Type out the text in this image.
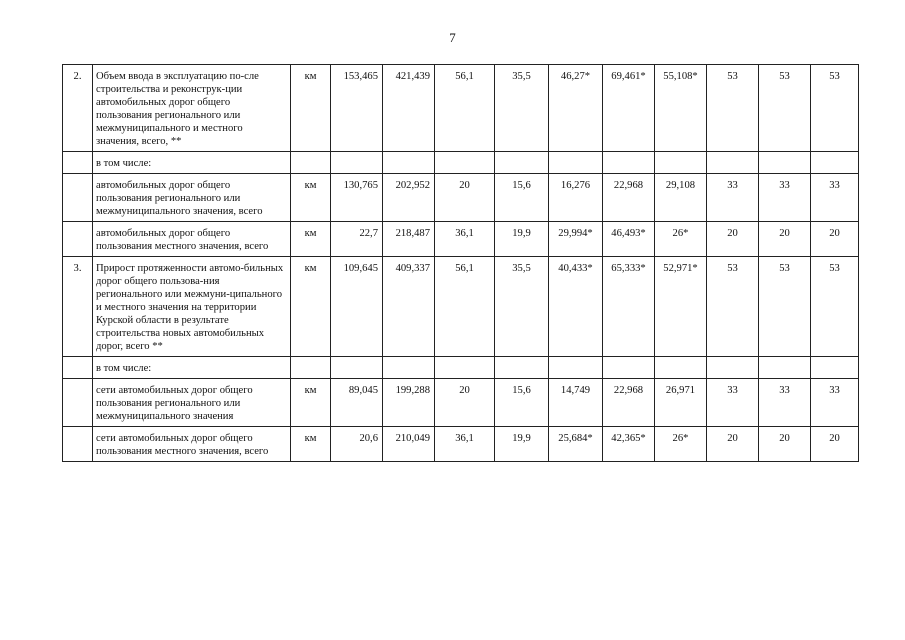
7
2.	Объем ввода в эксплуатацию по-сле строительства и реконструк-ции автомобильных дорог общего пользования регионального или межмуниципального и местного значения, всего, **	км	153,465	421,439	56,1	35,5	46,27*	69,461*	55,108*	53	53	53
	в том числе:											
	автомобильных дорог общего пользования регионального или межмуниципального значения, всего	км	130,765	202,952	20	15,6	16,276	22,968	29,108	33	33	33
	автомобильных дорог общего пользования местного значения, всего	км	22,7	218,487	36,1	19,9	29,994*	46,493*	26*	20	20	20
3.	Прирост протяженности автомо-бильных дорог общего пользова-ния регионального или межмуни-ципального и местного значения на территории Курской области в результате строительства новых автомобильных дорог, всего **	км	109,645	409,337	56,1	35,5	40,433*	65,333*	52,971*	53	53	53
	в том числе:											
	сети автомобильных дорог общего пользования регионального или межмуниципального значения	км	89,045	199,288	20	15,6	14,749	22,968	26,971	33	33	33
	сети автомобильных дорог общего пользования местного значения, всего	км	20,6	210,049	36,1	19,9	25,684*	42,365*	26*	20	20	20
